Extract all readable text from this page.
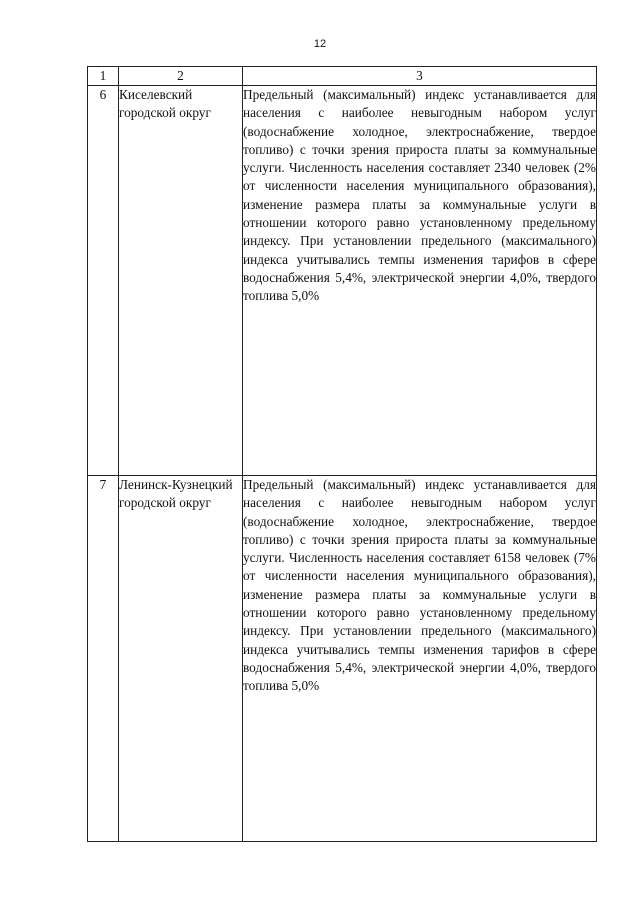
12
1	2	3
6	Киселевский городской округ	Предельный (максимальный) индекс устанавливается для населения с наиболее невыгодным набором услуг (водоснабжение холодное, электроснабжение, твердое топливо) с точки зрения прироста платы за коммунальные услуги. Численность населения составляет 2340 человек (2% от численности населения муниципального образования), изменение размера платы за коммунальные услуги в отношении которого равно установленному предельному индексу. При установлении предельного (максимального) индекса учитывались темпы изменения тарифов в сфере водоснабжения 5,4%, электрической энергии 4,0%, твердого топлива 5,0%
7	Ленинск-Кузнецкий городской округ	Предельный (максимальный) индекс устанавливается для населения с наиболее невыгодным набором услуг (водоснабжение холодное, электроснабжение, твердое топливо) с точки зрения прироста платы за коммунальные услуги. Численность населения составляет 6158 человек (7% от численности населения муниципального образования), изменение размера платы за коммунальные услуги в отношении которого равно установленному предельному индексу. При установлении предельного (максимального) индекса учитывались темпы изменения тарифов в сфере водоснабжения 5,4%, электрической энергии 4,0%, твердого топлива 5,0%
